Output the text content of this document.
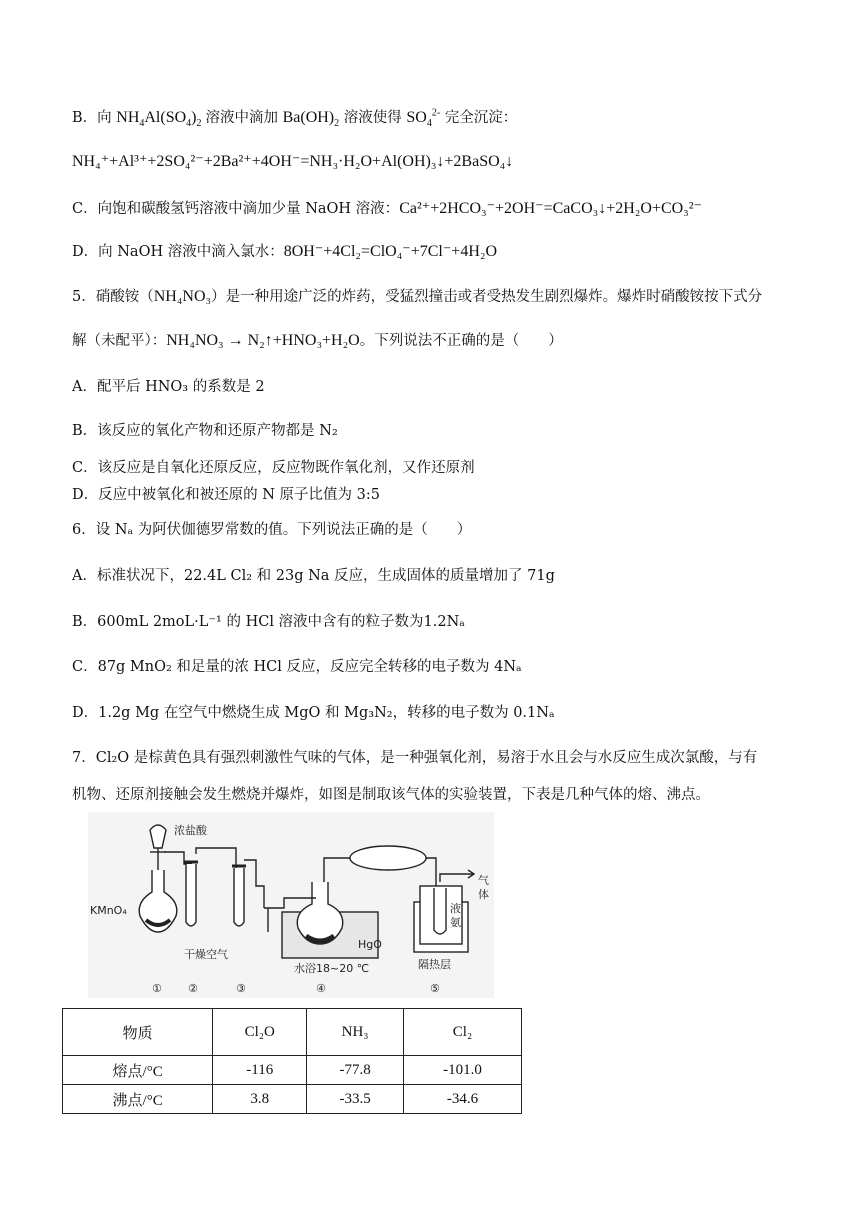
B．向 $NH_4Al(SO_4)_2$ 溶液中滴加 $Ba(OH)_2$ 溶液使得 $SO_4^{2-}$ 完全沉淀：
NH₄⁺+Al³⁺+2SO₄²⁻+2Ba²⁺+4OH⁻=NH₃·H₂O+Al(OH)₃↓+2BaSO₄↓
C．向饱和碳酸氢钙溶液中滴加少量 NaOH 溶液：Ca²⁺+2HCO₃⁻+2OH⁻=CaCO₃↓+2H₂O+CO₃²⁻
D．向 NaOH 溶液中滴入氯水：8OH⁻+4Cl₂=ClO₄⁻+7Cl⁻+4H₂O
5．硝酸铵（NH₄NO₃）是一种用途广泛的炸药，受猛烈撞击或者受热发生剧烈爆炸。爆炸时硝酸铵按下式分
解（未配平）：NH₄NO₃ → N₂↑+HNO₃+H₂O。下列说法不正确的是（　　）
A．配平后 HNO₃ 的系数是 2
B．该反应的氧化产物和还原产物都是 N₂
C．该反应是自氧化还原反应，反应物既作氧化剂，又作还原剂
D．反应中被氧化和被还原的 N 原子比值为 3:5
6．设 Nₐ 为阿伏伽德罗常数的值。下列说法正确的是（　　）
A．标准状况下，22.4L Cl₂ 和 23g Na 反应，生成固体的质量增加了 71g
B．600mL 2moL·L⁻¹ 的 HCl 溶液中含有的粒子数为1.2Nₐ
C．87g MnO₂ 和足量的浓 HCl 反应，反应完全转移的电子数为 4Nₐ
D．1.2g Mg 在空气中燃烧生成 MgO 和 Mg₃N₂，转移的电子数为 0.1Nₐ
7．Cl₂O 是棕黄色具有强烈刺激性气味的气体，是一种强氧化剂，易溶于水且会与水反应生成次氯酸，与有
机物、还原剂接触会发生燃烧并爆炸，如图是制取该气体的实验装置，下表是几种气体的熔、沸点。
浓盐酸
KMnO₄
干燥空气
HgO
水浴18~20 ℃
气
体
液
氨
隔热层
① ②	③	④	⑤
物质	Cl₂O	NH₃	Cl₂
熔点/°C	-116	-77.8	-101.0
沸点/°C	3.8	-33.5	-34.6
